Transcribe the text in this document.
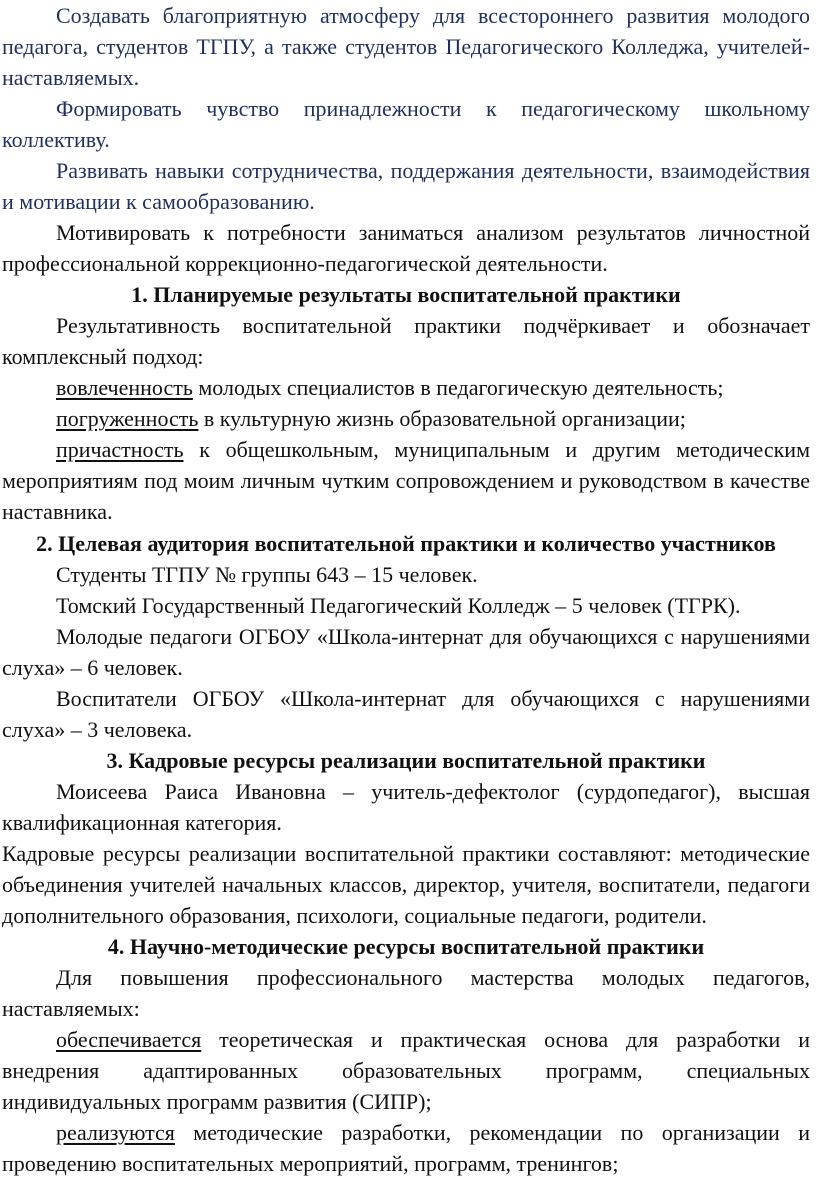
Создавать благоприятную атмосферу для всестороннего развития молодого педагога, студентов ТГПУ, а также студентов Педагогического Колледжа, учителей-наставляемых.

Формировать чувство принадлежности к педагогическому школьному коллективу.

Развивать навыки сотрудничества, поддержания деятельности, взаимодействия и мотивации к самообразованию.

Мотивировать к потребности заниматься анализом результатов личностной профессиональной коррекционно-педагогической деятельности.

1. Планируемые результаты воспитательной практики

Результативность воспитательной практики подчёркивает и обозначает комплексный подход:

вовлеченность молодых специалистов в педагогическую деятельность;

погруженность в культурную жизнь образовательной организации;

причастность к общешкольным, муниципальным и другим методическим мероприятиям под моим личным чутким сопровождением и руководством в качестве наставника.

2. Целевая аудитория воспитательной практики и количество участников

Студенты ТГПУ № группы 643 – 15 человек.

Томский Государственный Педагогический Колледж – 5 человек (ТГРК).

Молодые педагоги ОГБОУ «Школа-интернат для обучающихся с нарушениями слуха» – 6 человек.

Воспитатели ОГБОУ «Школа-интернат для обучающихся с нарушениями слуха» – 3 человека.

3. Кадровые ресурсы реализации воспитательной практики

Моисеева Раиса Ивановна – учитель-дефектолог (сурдопедагог), высшая квалификационная категория.

Кадровые ресурсы реализации воспитательной практики составляют: методические объединения учителей начальных классов, директор, учителя, воспитатели, педагоги дополнительного образования, психологи, социальные педагоги, родители.

4. Научно-методические ресурсы воспитательной практики

Для повышения профессионального мастерства молодых педагогов, наставляемых:

обеспечивается теоретическая и практическая основа для разработки и внедрения адаптированных образовательных программ, специальных индивидуальных программ развития (СИПР);

реализуются методические разработки, рекомендации по организации и проведению воспитательных мероприятий, программ, тренингов;
